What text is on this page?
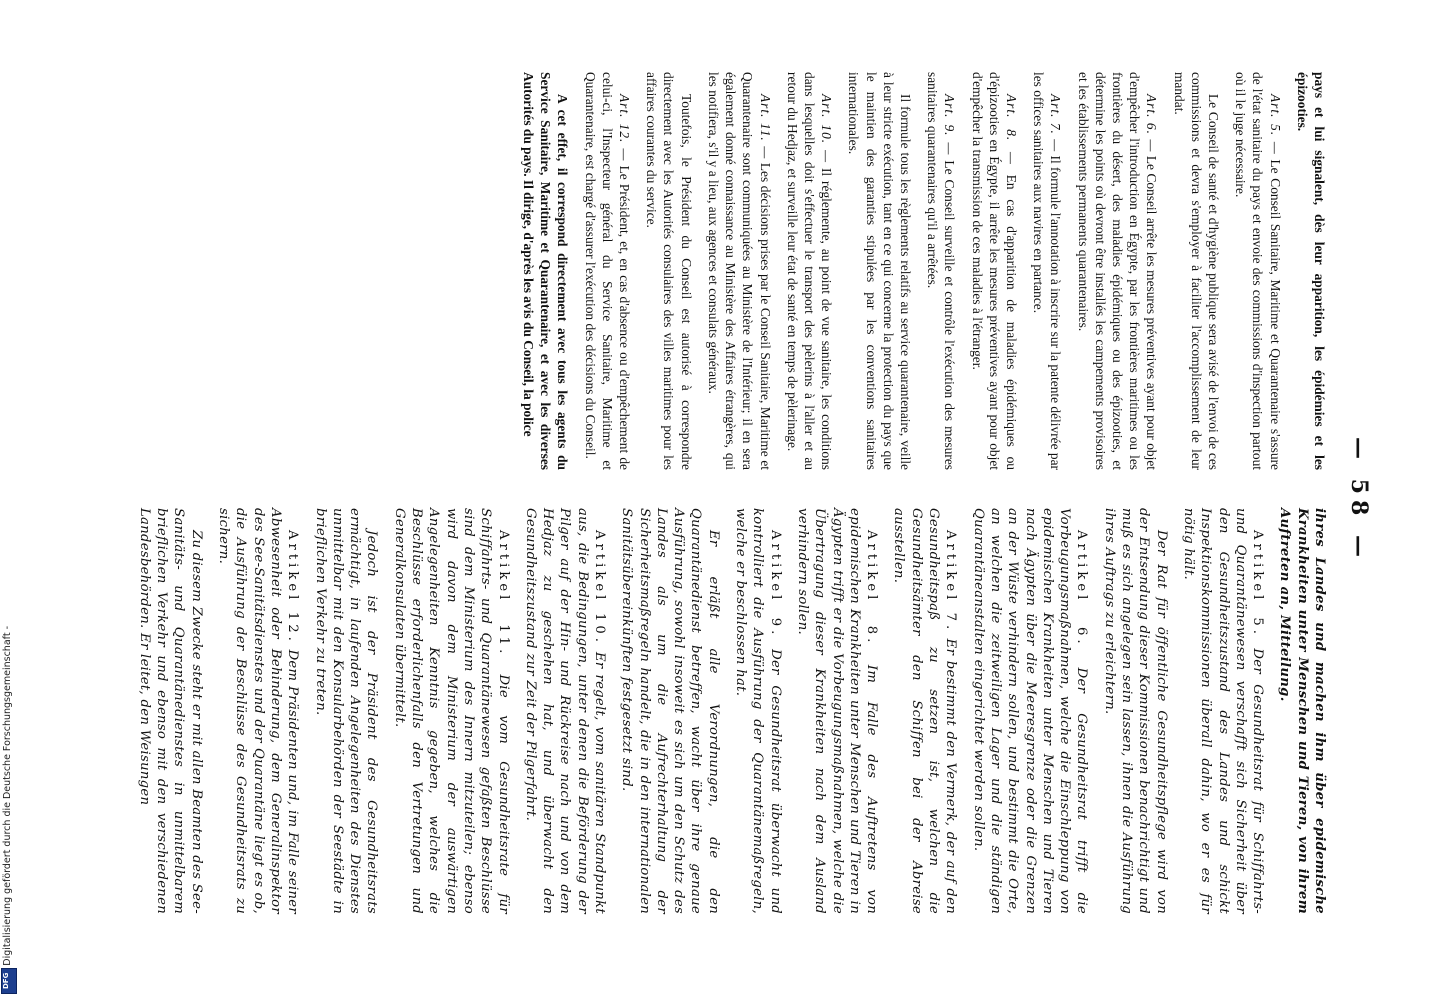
— 58 —

pays et lui signalent, dès leur apparition, les épidémies et les épizooties.

Art. 5. — Le Conseil Sanitaire, Maritime et Quarantenaire s'assure de l'état sanitaire du pays et envoie des commissions d'inspection partout où il le juge nécessaire.

Le Conseil de santé et d'hygiène publique sera avisé de l'envoi de ces commissions et devra s'employer à faciliter l'accomplissement de leur mandat.

Art. 6. — Le Conseil arrête les mesures préventives ayant pour objet d'empêcher l'introduction en Égypte, par les frontières maritimes ou les frontières du désert, des maladies épidémiques ou des épizooties, et détermine les points où devront être installés les campements provisoires et les établissements permanents quarantenaires.

Art. 7. — Il formule l'annotation à inscrire sur la patente délivrée par les offices sanitaires aux navires en partance.

Art. 8. — En cas d'apparition de maladies épidémiques ou d'épizooties en Égypte, il arrête les mesures préventives ayant pour objet d'empêcher la transmission de ces maladies à l'étranger.

Art. 9. — Le Conseil surveille et contrôle l'exécution des mesures sanitaires quarantenaires qu'il a arrêtées.

Il formule tous les règlements relatifs au service quarantenaire, veille à leur stricte exécution, tant en ce qui concerne la protection du pays que le maintien des garanties stipulées par les conventions sanitaires internationales.

Art. 10. — Il réglemente, au point de vue sanitaire, les conditions dans lesquelles doit s'effectuer le transport des pèlerins à l'aller et au retour du Hedjaz, et surveille leur état de santé en temps de pèlerinage.

Art. 11. — Les décisions prises par le Conseil Sanitaire, Maritime et Quarantenaire sont communiquées au Ministère de l'Intérieur; il en sera également donné connaissance au Ministère des Affaires étrangères, qui les notifiera, s'il y a lieu, aux agences et consulats généraux.

Toutefois, le Président du Conseil est autorisé à correspondre directement avec les Autorités consulaires des villes maritimes pour les affaires courantes du service.

Art. 12. — Le Président, et, en cas d'absence ou d'empêchement de celui-ci, l'Inspecteur général du Service Sanitaire, Maritime et Quarantenaire, est chargé d'assurer l'exécution des décisions du Conseil.

A cet effet, il correspond directement avec tous les agents du Service Sanitaire, Maritime et Quarantenaire, et avec les diverses Autorités du pays. Il dirige, d'après les avis du Conseil, la police

ihres Landes und machen ihm über epidemische Krankheiten unter Menschen und Tieren, von ihrem Auftreten an, Mitteilung.

Artikel 5. Der Gesundheitsrat für Schiffahrts- und Quarantänewesen verschafft sich Sicherheit über den Gesundheitszustand des Landes und schickt Inspektionskommissionen überall dahin, wo er es für nötig hält.

Der Rat für öffentliche Gesundheitspflege wird von der Entsendung dieser Kommissionen benachrichtigt und muß es sich angelegen sein lassen, ihnen die Ausführung ihres Auftrags zu erleichtern.

Artikel 6. Der Gesundheitsrat trifft die Vorbeugungsmaßnahmen, welche die Einschleppung von epidemischen Krankheiten unter Menschen und Tieren nach Ägypten über die Meeresgrenze oder die Grenzen an der Wüste verhindern sollen, und bestimmt die Orte, an welchen die zeitweiligen Lager und die ständigen Quarantäneanstalten eingerichtet werden sollen.

Artikel 7. Er bestimmt den Vermerk, der auf den Gesundheitspaß zu setzen ist, welchen die Gesundheitsämter den Schiffen bei der Abreise ausstellen.

Artikel 8. Im Falle des Auftretens von epidemischen Krankheiten unter Menschen und Tieren in Ägypten trifft er die Vorbeugungsmaßnahmen, welche die Übertragung dieser Krankheiten nach dem Ausland verhindern sollen.

Artikel 9. Der Gesundheitsrat überwacht und kontrolliert die Ausführung der Quarantänemaßregeln, welche er beschlossen hat.

Er erläßt alle Verordnungen, die den Quarantänedienst betreffen, wacht über ihre genaue Ausführung, sowohl insoweit es sich um den Schutz des Landes als um die Aufrechterhaltung der Sicherheitsmaßregeln handelt, die in den internationalen Sanitätsübereinkünften festgesetzt sind.

Artikel 10. Er regelt, vom sanitären Standpunkt aus, die Bedingungen, unter denen die Beförderung der Pilger auf der Hin- und Rückreise nach und von dem Hedjaz zu geschehen hat, und überwacht den Gesundheitszustand zur Zeit der Pilgerfahrt.

Artikel 11. Die vom Gesundheitsrate für Schiffahrts- und Quarantänewesen gefaßten Beschlüsse sind dem Ministerium des Innern mitzuteilen; ebenso wird davon dem Ministerium der auswärtigen Angelegenheiten Kenntnis gegeben, welches die Beschlüsse erforderlichenfalls den Vertretungen und Generalkonsulaten übermittelt.

Jedoch ist der Präsident des Gesundheitsrats ermächtigt, in laufenden Angelegenheiten des Dienstes unmittelbar mit den Konsularbehörden der Seestädte in brieflichen Verkehr zu treten.

Artikel 12. Dem Präsidenten und, im Falle seiner Abwesenheit oder Behinderung, dem Generalinspektor des See-Sanitätsdienstes und der Quarantäne liegt es ob, die Ausführung der Beschlüsse des Gesundheitsrats zu sichern.

Zu diesem Zwecke steht er mit allen Beamten des See-Sanitäts- und Quarantänedienstes in unmittelbarem brieflichen Verkehr und ebenso mit den verschiedenen Landesbehörden. Er leitet, den Weisungen

Digitalisierung gefördert durch die Deutsche Forschungsgemeinschaft -
DFG
